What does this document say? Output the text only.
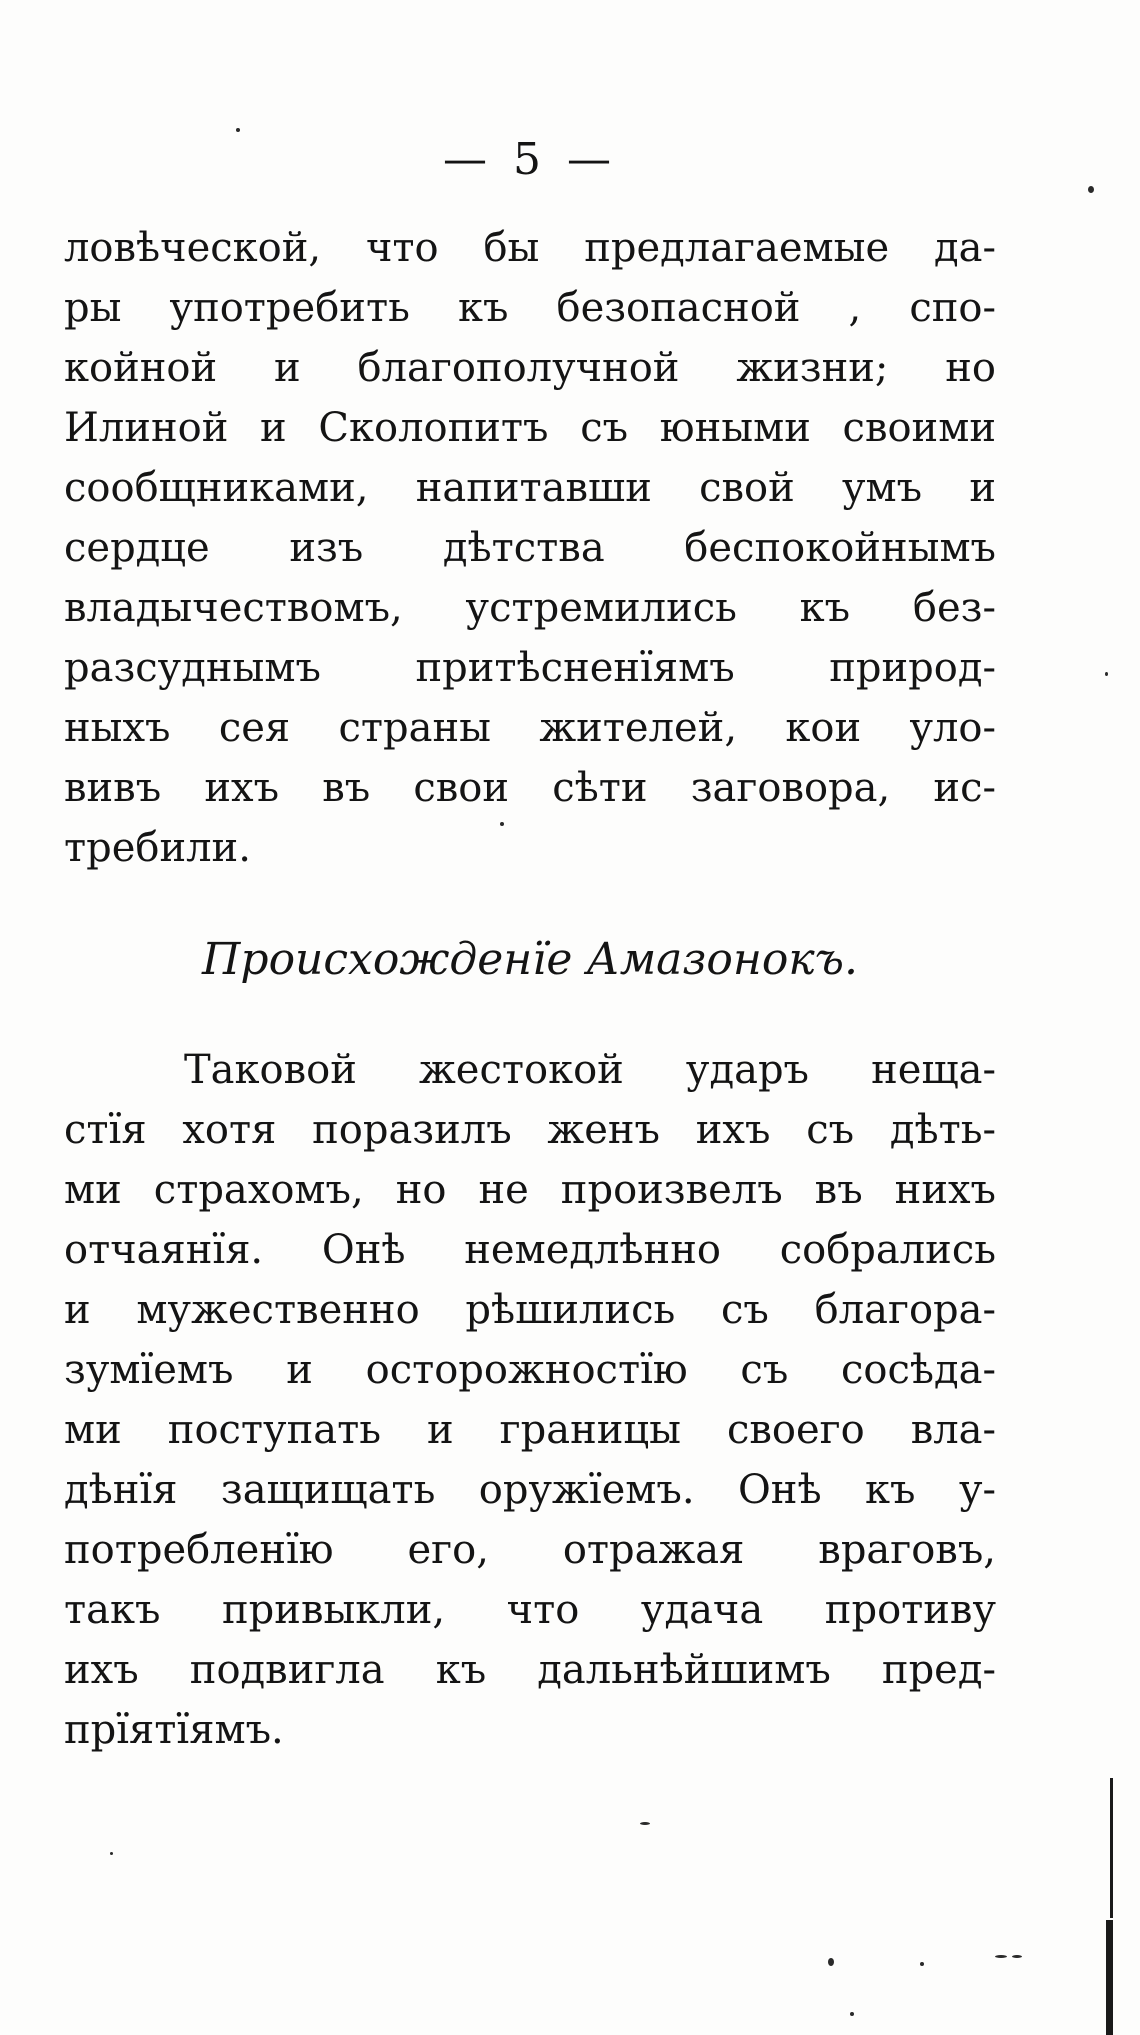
— 5 —
ловѣческой, что бы предлагаемые да-
ры употребить къ безопасной , спо-
койной и благополучной жизни; но
Илиной и Сколопитъ съ юными своими
сообщниками, напитавши свой умъ и
сердце изъ дѣтства беспокойнымъ
владычествомъ, устремились къ без-
разсуднымъ притѣсненїямъ природ-
ныхъ сея страны жителей, кои уло-
вивъ ихъ въ свои сѣти заговора, ис-
требили.
Происхожденїе Амазонокъ.
Таковой жестокой ударъ неща-
стїя хотя поразилъ женъ ихъ съ дѣть-
ми страхомъ, но не произвелъ въ нихъ
отчаянїя. Онѣ немедлѣнно собрались
и мужественно рѣшились съ благора-
зумїемъ и осторожностїю съ сосѣда-
ми поступать и границы своего вла-
дѣнїя защищать оружїемъ. Онѣ къ у-
потребленїю его, отражая враговъ,
такъ привыкли, что удача противу
ихъ подвигла къ дальнѣйшимъ пред-
прїятїямъ.
